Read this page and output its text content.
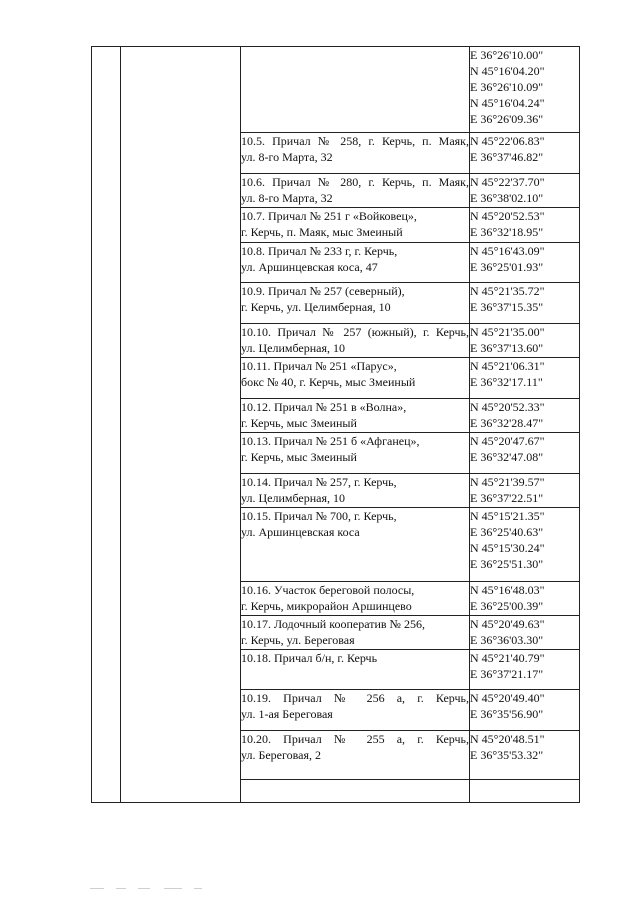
			E 36°26'10.00"
N 45°16'04.20"
E 36°26'10.09"
N 45°16'04.24"
E 36°26'09.36"

		10.5. Причал № 258, г. Керчь, п. Маяк,
ул. 8-го Марта, 32	N 45°22'06.83"
E 36°37'46.82"

		10.6. Причал № 280, г. Керчь, п. Маяк,
ул. 8-го Марта, 32	N 45°22'37.70"
E 36°38'02.10"

		10.7. Причал № 251 г «Войковец»,
г. Керчь, п. Маяк, мыс Змеиный	N 45°20'52.53"
E 36°32'18.95"

		10.8. Причал № 233 г, г. Керчь,
ул. Аршинцевская коса, 47	N 45°16'43.09"
E 36°25'01.93"

		10.9. Причал № 257 (северный),
г. Керчь, ул. Целимберная, 10	N 45°21'35.72"
E 36°37'15.35"

		10.10. Причал № 257 (южный), г. Керчь,
ул. Целимберная, 10	N 45°21'35.00"
E 36°37'13.60"

		10.11. Причал № 251 «Парус»,
бокс № 40, г. Керчь, мыс Змеиный	N 45°21'06.31"
E 36°32'17.11"

		10.12. Причал № 251 в «Волна»,
г. Керчь, мыс Змеиный	N 45°20'52.33"
E 36°32'28.47"

		10.13. Причал № 251 б «Афганец»,
г. Керчь, мыс Змеиный	N 45°20'47.67"
E 36°32'47.08"

		10.14. Причал № 257, г. Керчь,
ул. Целимберная, 10	N 45°21'39.57"
E 36°37'22.51"

		10.15. Причал № 700, г. Керчь,
ул. Аршинцевская коса	N 45°15'21.35"
E 36°25'40.63"
N 45°15'30.24"
E 36°25'51.30"

		10.16. Участок береговой полосы,
г. Керчь, микрорайон Аршинцево	N 45°16'48.03"
E 36°25'00.39"

		10.17. Лодочный кооператив № 256,
г. Керчь, ул. Береговая	N 45°20'49.63"
E 36°36'03.30"

		10.18. Причал б/н, г. Керчь	N 45°21'40.79"
E 36°37'21.17"

		10.19. Причал № 256 а, г. Керчь,
ул. 1-ая Береговая	N 45°20'49.40"
E 36°35'56.90"

		10.20. Причал № 255 а, г. Керчь,
ул. Береговая, 2	N 45°20'48.51"
E 36°35'53.32"
